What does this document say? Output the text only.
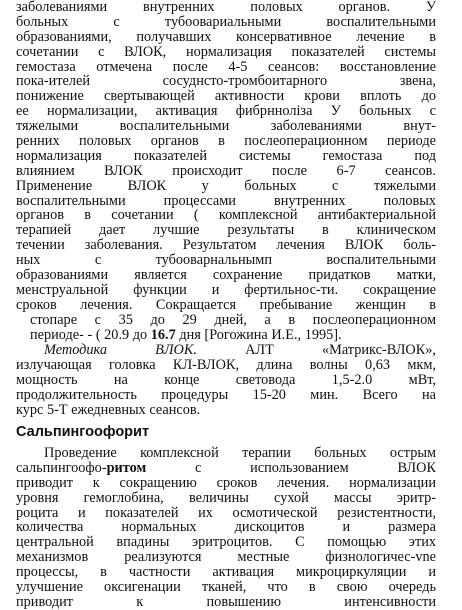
заболеваниями внутренних половых органов. У
больных с тубоовариальными воспалительными
образованиями, получавших консервативное лечение в
сочетании с ВЛОК, нормализация показателей системы
гемостаза отмечена после 4-5 сеансов: восстановление
пока-ителей сосуднсто-тромбоитарного звена,
понижение свертывающей активности крови вплоть до
ее нормализации, активация фибрнноліза У больных с
тяжелыми воспалительными заболеваниями внут-
ренних половых органов в послеоперационном периоде
нормализация показателей системы гемостаза под
влиянием ВЛОК происходит после 6-7 сеансов.
Применение ВЛОК у больных с тяжелыми
воспалительными процессами внутренних половых
органов в сочетании ( комплексной антибактериальной
терапией дает лучшие результаты в клиническом
течении заболевания. Результатом лечения ВЛОК боль-
ных с тубооварнальнымп воспалительными
образованиями является сохранение придатков матки,
менструальной функции и фертильнос-ти. сокращение
сроков лечения. Сокращается пребывание женщин в
стопаре с 35 до 29 дней, а в послеоперационном
периоде- - ( 20.9 до 16.7 дня [Рогожина И.Е., 1995].
Методика ВЛОК. АЛТ «Матрикс-ВЛОК»,
излучающая головка КЛ-ВЛОК, длина волны 0,63 мкм,
мощность на конце световода 1,5-2.0 мВт,
продолжительность процедуры 15-20 мин. Всего на
курс 5-Т ежедневных сеансов.
Сальпингоофорит
Проведение комплексной терапии больных острым
сальпингоофо-ритом с использованием ВЛОК
приводит к сокращению сроков лечения. нормализации
уровня гемоглобина, величины сухой массы эритр-
роцита и показателей их осмотической резистентности,
количества нормальных дискоцитов и размера
центральной впадины эритроцитов. С помощью этих
механизмов реализуются местные физнологичес-vne
процессы, в частности активация микроциркуляции и
улучшение оксигенации тканей, что в свою очередь
приводит к повышению интенсивности
